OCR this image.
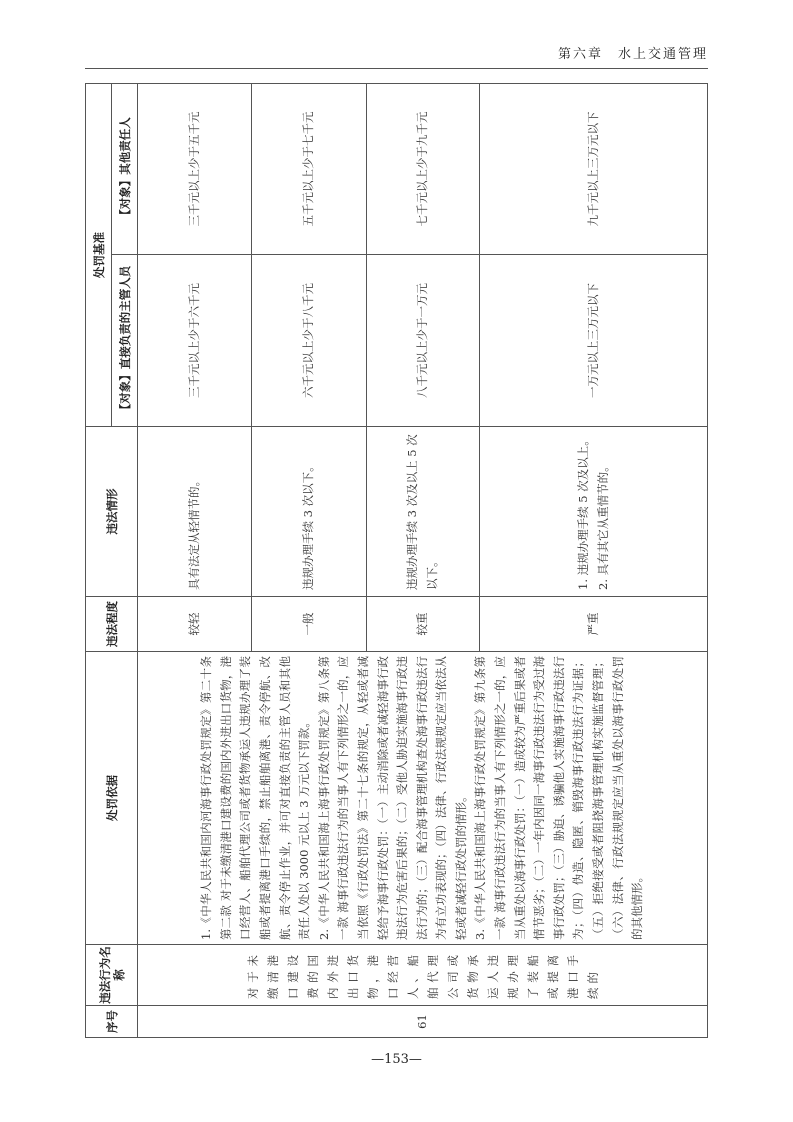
第六章　水上交通管理
序号	违法行为名称	处罚依据	违法程度	违法情形	处罚基准	
					【对象】直接负责的主管人员	【对象】其他责任人
61	对于未缴清港口建设费的国内外进出口货物，港口经营人、船舶代理公司或货物承运人违规办理了装船或提离港口手续的	1.《中华人民共和国内河海事行政处罚规定》第二十条第二款 对于未缴清港口建设费的国内外进出口货物，港口经营人、船舶代理公司或者货物承运人违规办理了装船或者提离港口手续的，禁止船舶离港、责令停航、改航、责令停止作业，并可对直接负责的主管人员和其他责任人处以 3000 元以上 3 万元以下罚款。 2.《中华人民共和国海上海事行政处罚规定》第八条第一款 海事行政违法行为的当事人有下列情形之一的，应当依照《行政处罚法》第二十七条的规定，从轻或者减轻给予海事行政处罚：（一）主动消除或者减轻海事行政违法行为危害后果的；（二）受他人胁迫实施海事行政违法行为的；（三）配合海事管理机构查处海事行政违法行为有立功表现的；（四）法律、行政法规规定应当依法从轻或者减轻行政处罚的情形。 3.《中华人民共和国海上海事行政处罚规定》第九条第一款 海事行政违法行为的当事人有下列情形之一的，应当从重处以海事行政处罚：（一）造成较为严重后果或者情节恶劣；（二）一年内因同一海事行政违法行为受过海事行政处罚；（三）胁迫、诱骗他人实施海事行政违法行为；（四）伪造、隐匿、销毁海事行政违法行为证据；（五）拒绝接受或者阻挠海事管理机构实施监督管理；（六）法律、行政法规规定应当从重处以海事行政处罚的其他情形。	较轻	具有法定从轻情节的。	三千元以上少于六千元	三千元以上少于五千元
			一般	违规办理手续 3 次以下。	六千元以上少于八千元	五千元以上少于七千元
			较重	违规办理手续 3 次及以上 5 次以下。	八千元以上少于一万元	七千元以上少于九千元
			严重	1. 违规办理手续 5 次及以上。 2. 具有其它从重情节的。	一万元以上三万元以下	九千元以上三万元以下
—153—
